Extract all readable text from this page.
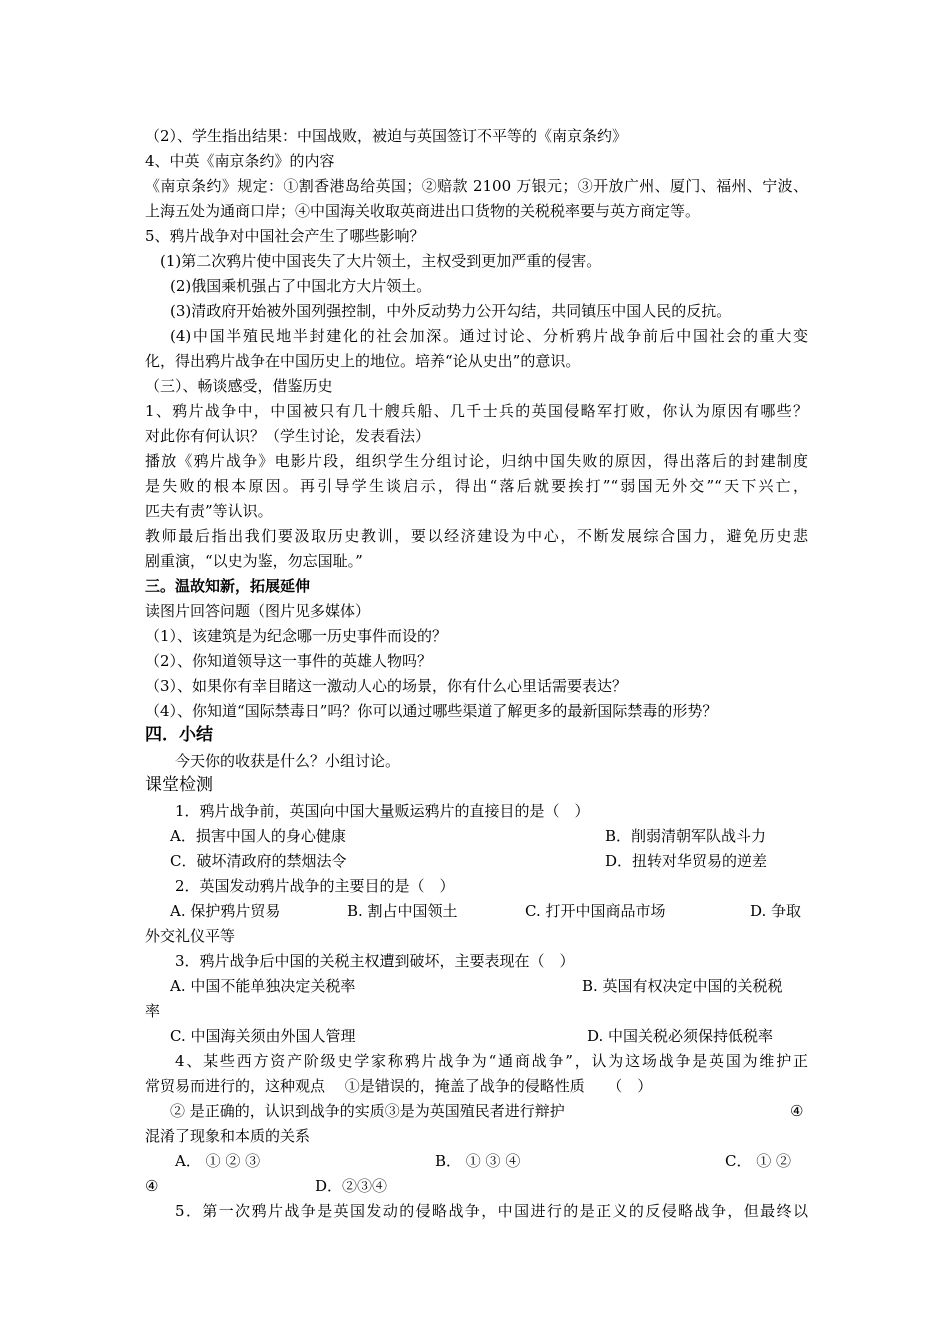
（2）、学生指出结果：中国战败，被迫与英国签订不平等的《南京条约》
4、中英《南京条约》的内容
《南京条约》规定：①割香港岛给英国；②赔款 2100 万银元；③开放广州、厦门、福州、宁波、
上海五处为通商口岸；④中国海关收取英商进出口货物的关税税率要与英方商定等。
5、鸦片战争对中国社会产生了哪些影响？
(1)第二次鸦片使中国丧失了大片领土，主权受到更加严重的侵害。
(2)俄国乘机强占了中国北方大片领土。
(3)清政府开始被外国列强控制，中外反动势力公开勾结，共同镇压中国人民的反抗。
(4)中国半殖民地半封建化的社会加深。通过讨论、分析鸦片战争前后中国社会的重大变
化，得出鸦片战争在中国历史上的地位。培养“论从史出”的意识。
（三）、畅谈感受，借鉴历史
1、鸦片战争中，中国被只有几十艘兵船、几千士兵的英国侵略军打败，你认为原因有哪些？
对此你有何认识？（学生讨论，发表看法）
播放《鸦片战争》电影片段，组织学生分组讨论，归纳中国失败的原因，得出落后的封建制度
是失败的根本原因。再引导学生谈启示，得出“落后就要挨打”“弱国无外交”“天下兴亡，
匹夫有责”等认识。
教师最后指出我们要汲取历史教训，要以经济建设为中心，不断发展综合国力，避免历史悲
剧重演，“以史为鉴，勿忘国耻。”
三。温故知新，拓展延伸
读图片回答问题（图片见多媒体）
（1）、该建筑是为纪念哪一历史事件而设的？
（2）、你知道领导这一事件的英雄人物吗？
（3）、如果你有幸目睹这一激动人心的场景，你有什么心里话需要表达？
（4）、你知道“国际禁毒日”吗？你可以通过哪些渠道了解更多的最新国际禁毒的形势？
四．小结
今天你的收获是什么？小组讨论。
课堂检测
1．鸦片战争前，英国向中国大量贩运鸦片的直接目的是（　）
A．损害中国人的身心健康	B．削弱清朝军队战斗力
C．破坏清政府的禁烟法令	D．扭转对华贸易的逆差
2．英国发动鸦片战争的主要目的是（　）
A. 保护鸦片贸易	B. 割占中国领土	C. 打开中国商品市场	D. 争取
外交礼仪平等
3．鸦片战争后中国的关税主权遭到破坏，主要表现在（　）
A. 中国不能单独决定关税率	B. 英国有权决定中国的关税税
率
C. 中国海关须由外国人管理	D. 中国关税必须保持低税率
4、某些西方资产阶级史学家称鸦片战争为“通商战争”，认为这场战争是英国为维护正
常贸易而进行的，这种观点　 ①是错误的，掩盖了战争的侵略性质　　（　）
② 是正确的，认识到战争的实质③是为英国殖民者进行辩护	④
混淆了现象和本质的关系
A． ① ② ③	B． ① ③ ④	C． ① ②
④	D．②③④
5．第一次鸦片战争是英国发动的侵略战争，中国进行的是正义的反侵略战争，但最终以
